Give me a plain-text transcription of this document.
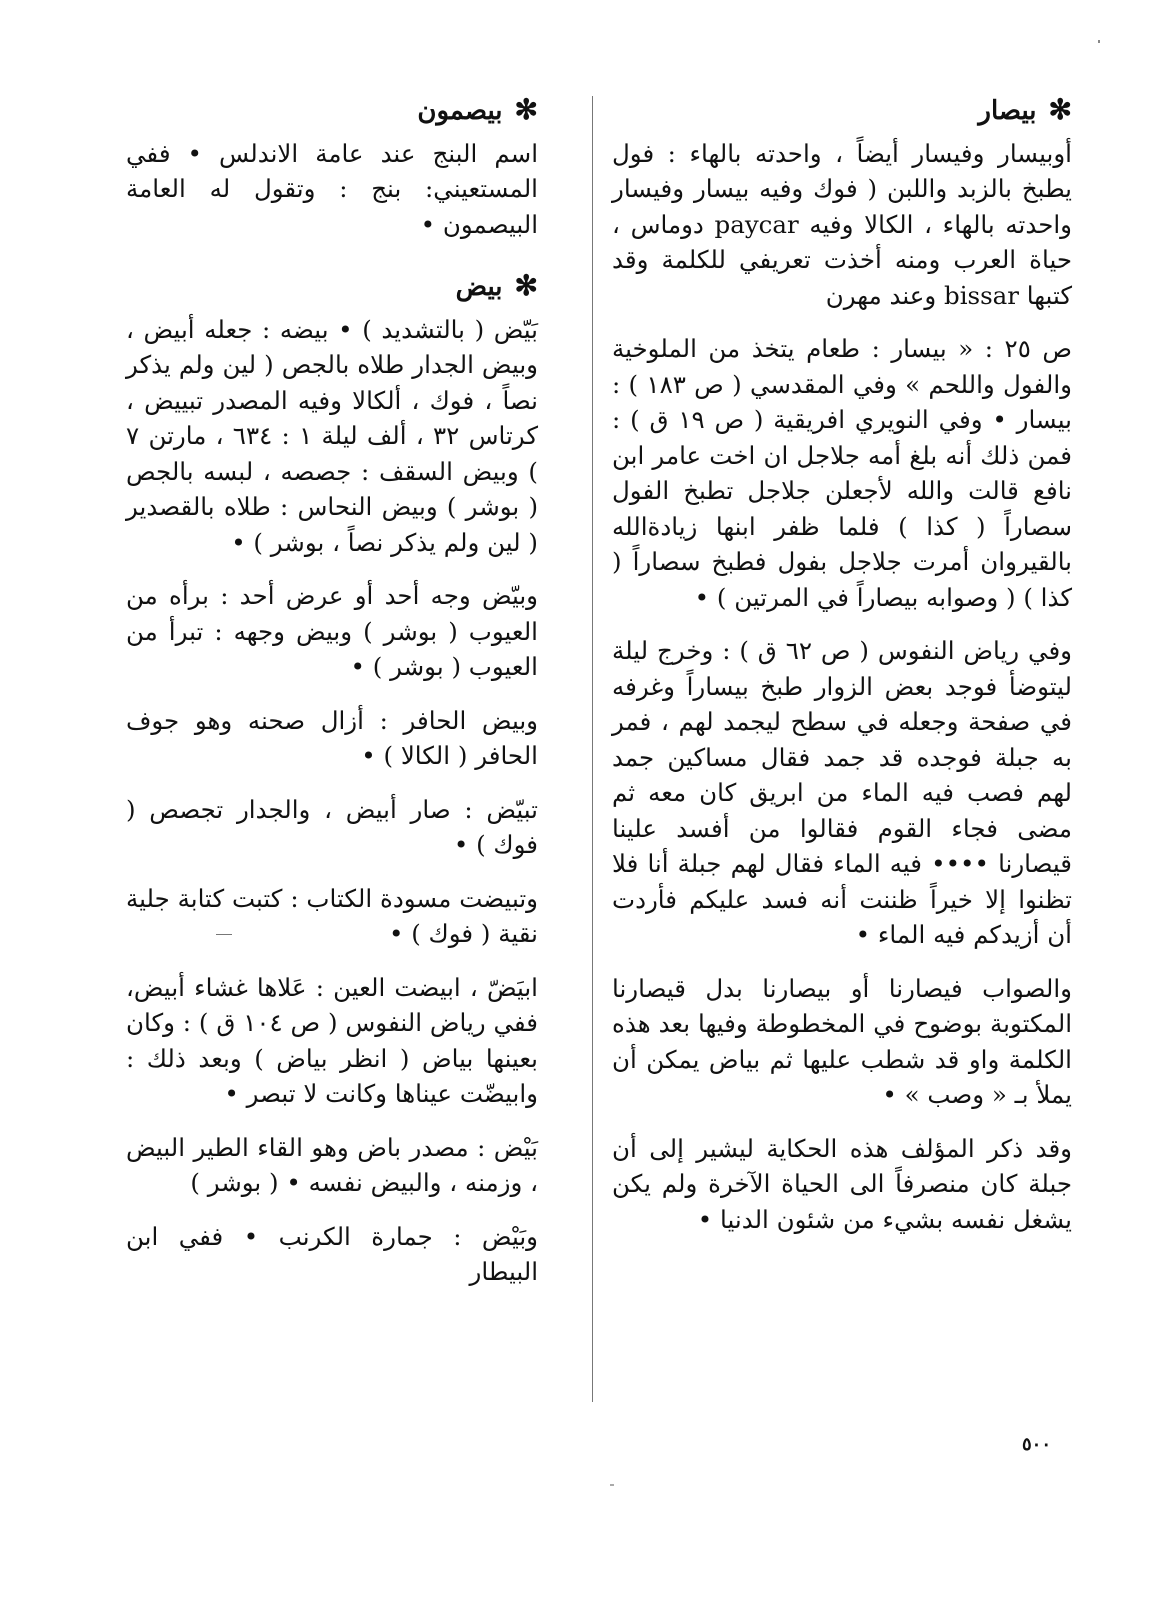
✻بيصار

أوبيسار وفيسار أيضاً ، واحدته بالهاء : فول يطبخ بالزبد واللبن ( فوك وفيه بيسار وفيسار واحدته بالهاء ، الكالا وفيه paycar دوماس ، حياة العرب ومنه أخذت تعريفي للكلمة وقد كتبها bissar وعند مهرن

ص ٢٥ : « بيسار : طعام يتخذ من الملوخية والفول واللحم » وفي المقدسي ( ص ١٨٣ ) : بيسار • وفي النويري افريقية ( ص ١٩ ق ) : فمن ذلك أنه بلغ أمه جلاجل ان اخت عامر ابن نافع قالت والله لأجعلن جلاجل تطبخ الفول سصاراً ( كذا ) فلما ظفر ابنها زيادةالله بالقيروان أمرت جلاجل بفول فطبخ سصاراً ( كذا ) ( وصوابه بيصاراً في المرتين ) •

وفي رياض النفوس ( ص ٦٢ ق ) : وخرج ليلة ليتوضأ فوجد بعض الزوار طبخ بيساراً وغرفه في صفحة وجعله في سطح ليجمد لهم ، فمر به جبلة فوجده قد جمد فقال مساكين جمد لهم فصب فيه الماء من ابريق كان معه ثم مضى فجاء القوم فقالوا من أفسد علينا قيصارنا •••• فيه الماء فقال لهم جبلة أنا فلا تظنوا إلا خيراً ظننت أنه فسد عليكم فأردت أن أزيدكم فيه الماء •

والصواب فيصارنا أو بيصارنا بدل قيصارنا المكتوبة بوضوح في المخطوطة وفيها بعد هذه الكلمة واو قد شطب عليها ثم بياض يمكن أن يملأ بـ « وصب » •

وقد ذكر المؤلف هذه الحكاية ليشير إلى أن جبلة كان منصرفاً الى الحياة الآخرة ولم يكن يشغل نفسه بشيء من شئون الدنيا •

✻بيصمون

اسم البنج عند عامة الاندلس • ففي المستعيني: بنج : وتقول له العامة البيصمون •

✻بيض

بَيّض ( بالتشديد ) • بيضه : جعله أبيض ، وبيض الجدار طلاه بالجص ( لين ولم يذكر نصاً ، فوك ، ألكالا وفيه المصدر تبييض ، كرتاس ٣٢ ، ألف ليلة ١ : ٦٣٤ ، مارتن ٧ ) وبيض السقف : جصصه ، لبسه بالجص ( بوشر ) وبيض النحاس : طلاه بالقصدير ( لين ولم يذكر نصاً ، بوشر ) •

وبيّض وجه أحد أو عرض أحد : برأه من العيوب ( بوشر ) وبيض وجهه : تبرأ من العيوب ( بوشر ) •

وبيض الحافر : أزال صحنه وهو جوف الحافر ( الكالا ) •

تبيّض : صار أبيض ، والجدار تجصص ( فوك ) •

وتبيضت مسودة الكتاب : كتبت كتابة جلية نقية ( فوك ) •

ابيَضّ ، ابيضت العين : عَلاها غشاء أبيض، ففي رياض النفوس ( ص ١٠٤ ق ) : وكان بعينها بياض ( انظر بياض ) وبعد ذلك : وابيضّت عيناها وكانت لا تبصر •

بَيْض : مصدر باض وهو القاء الطير البيض ، وزمنه ، والبيض نفسه • ( بوشر )

وبَيْض : جمارة الكرنب • ففي ابن البيطار

٥٠٠
